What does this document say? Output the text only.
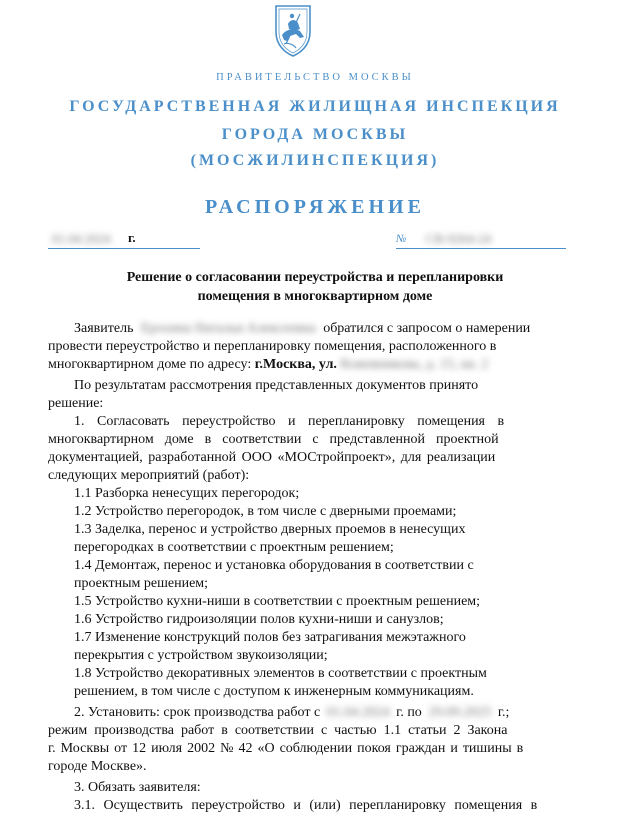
ПРАВИТЕЛЬСТВО МОСКВЫ
ГОСУДАРСТВЕННАЯ ЖИЛИЩНАЯ ИНСПЕКЦИЯ
ГОРОДА МОСКВЫ
(МОСЖИЛИНСПЕКЦИЯ)
РАСПОРЯЖЕНИЕ
01.04.2024 г.	№ СВ-9264-24
Решение о согласовании переустройства и перепланировки
помещения в многоквартирном доме
Заявитель Ерохина Наталья Алексеевна обратился с запросом о намерении
провести переустройство и перепланировку помещения, расположенного в
многоквартирном доме по адресу: г.Москва, ул. Кожевникова, д. 15, кв. 2
По результатам рассмотрения представленных документов принято
решение:
1. Согласовать переустройство и перепланировку помещения в
многоквартирном доме в соответствии с представленной проектной
документацией, разработанной ООО «МОСтройпроект», для реализации
следующих мероприятий (работ):
1.1 Разборка ненесущих перегородок;
1.2 Устройство перегородок, в том числе с дверными проемами;
1.3 Заделка, перенос и устройство дверных проемов в ненесущих
перегородках в соответствии с проектным решением;
1.4 Демонтаж, перенос и установка оборудования в соответствии с
проектным решением;
1.5 Устройство кухни-ниши в соответствии с проектным решением;
1.6 Устройство гидроизоляции полов кухни-ниши и санузлов;
1.7 Изменение конструкций полов без затрагивания межэтажного
перекрытия с устройством звукоизоляции;
1.8 Устройство декоративных элементов в соответствии с проектным
решением, в том числе с доступом к инженерным коммуникациям.
2. Установить: срок производства работ с 01.04.2024 г. по 29.09.2025 г.;
режим производства работ в соответствии с частью 1.1 статьи 2 Закона
г. Москвы от 12 июля 2002 № 42 «О соблюдении покоя граждан и тишины в
городе Москве».
3. Обязать заявителя:
3.1. Осуществить переустройство и (или) перепланировку помещения в
